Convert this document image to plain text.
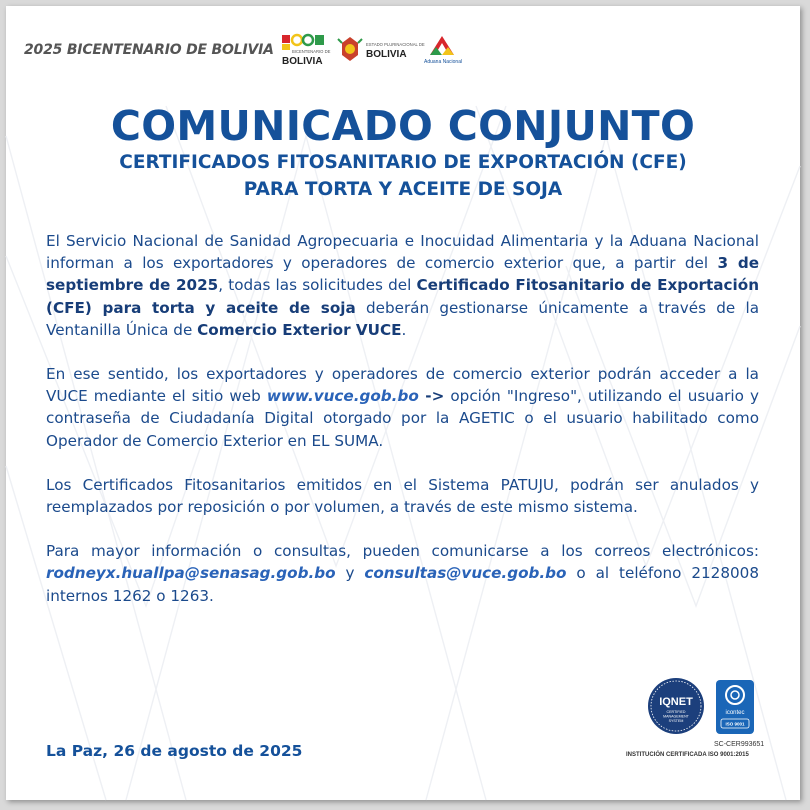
2025 BICENTENARIO DE BOLIVIA	BICENTENARIO DE
BOLIVIA
ESTADO PLURINACIONAL DE
BOLIVIA
Aduana Nacional
COMUNICADO CONJUNTO
CERTIFICADOS FITOSANITARIO DE EXPORTACIÓN (CFE)
PARA TORTA Y ACEITE DE SOJA

El Servicio Nacional de Sanidad Agropecuaria e Inocuidad Alimentaria y la Aduana Nacional informan a los exportadores y operadores de comercio exterior que, a partir del 3 de septiembre de 2025, todas las solicitudes del Certificado Fitosanitario de Exportación (CFE) para torta y aceite de soja deberán gestionarse únicamente a través de la Ventanilla Única de Comercio Exterior VUCE.

En ese sentido, los exportadores y operadores de comercio exterior podrán acceder a la VUCE mediante el sitio web www.vuce.gob.bo -> opción "Ingreso", utilizando el usuario y contraseña de Ciudadanía Digital otorgado por la AGETIC o el usuario habilitado como Operador de Comercio Exterior en EL SUMA.

Los Certificados Fitosanitarios emitidos en el Sistema PATUJU, podrán ser anulados y reemplazados por reposición o por volumen, a través de este mismo sistema.

Para mayor información o consultas, pueden comunicarse a los correos electrónicos: rodneyx.huallpa@senasag.gob.bo y consultas@vuce.gob.bo o al teléfono 2128008 internos 1262 o 1263.

La Paz, 26 de agosto de 2025
IQNET
CERTIFIED
MANAGEMENT
SYSTEM
icontec
ISO 9001
SC-CER993651
INSTITUCIÓN CERTIFICADA ISO 9001:2015
